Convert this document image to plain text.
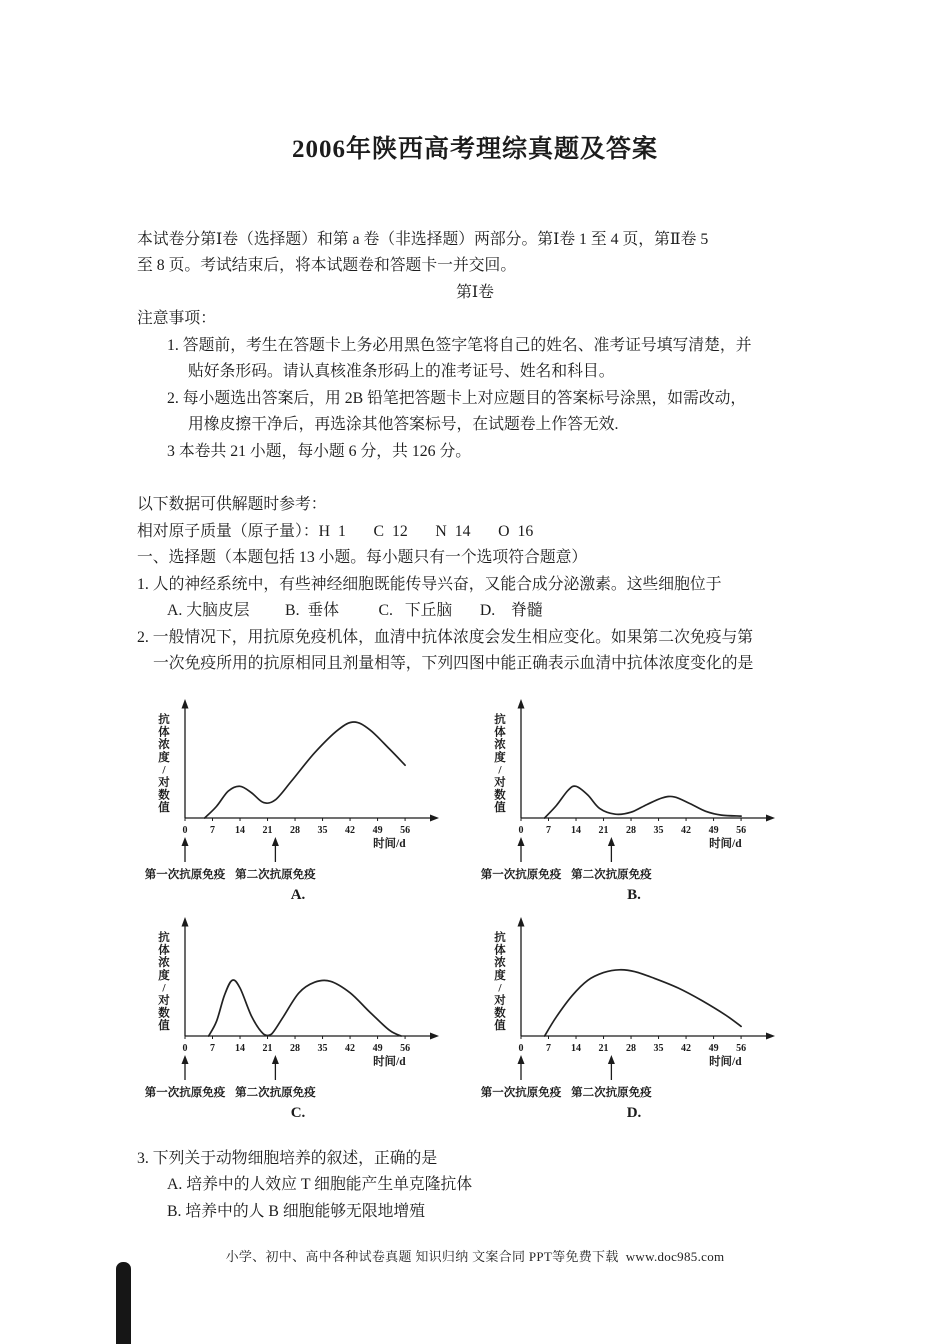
2006年陕西高考理综真题及答案

本试卷分第Ⅰ卷（选择题）和第 a 卷（非选择题）两部分。第Ⅰ卷 1 至 4 页，第Ⅱ卷 5
至 8 页。考试结束后，将本试题卷和答题卡一并交回。

第Ⅰ卷

注意事项：

1. 答题前，考生在答题卡上务必用黑色签字笔将自己的姓名、准考证号填写清楚，并
贴好条形码。请认真核准条形码上的准考证号、姓名和科目。

2. 每小题选出答案后，用 2B 铅笔把答题卡上对应题目的答案标号涂黑，如需改动，
用橡皮擦干净后，再选涂其他答案标号，在试题卷上作答无效.

3 本卷共 21 小题，每小题 6 分，共 126 分。

以下数据可供解题时参考：

相对原子质量（原子量）：H  1       C  12       N  14       O  16

一、选择题（本题包括 13 小题。每小题只有一个选项符合题意）

1. 人的神经系统中，有些神经细胞既能传导兴奋，又能合成分泌激素。这些细胞位于

A. 大脑皮层         B.  垂体          C.   下丘脑       D.    脊髓

2. 一般情况下，用抗原免疫机体，血清中抗体浓度会发生相应变化。如果第二次免疫与第
一次免疫所用的抗原相同且剂量相等，下列四图中能正确表示血清中抗体浓度变化的是

0 7 14 21 28 35 42 49 56
时间/d
抗
体
浓
度
/
对
数
值
第一次抗原免疫 第二次抗原免疫
A.
0 7 14 21 28 35 42 49 56
时间/d
抗
体
浓
度
/
对
数
值
第一次抗原免疫 第二次抗原免疫
B.
0 7 14 21 28 35 42 49 56
时间/d
抗
体
浓
度
/
对
数
值
第一次抗原免疫 第二次抗原免疫
C.
0 7 14 21 28 35 42 49 56
时间/d
抗
体
浓
度
/
对
数
值
第一次抗原免疫 第二次抗原免疫
D.

3. 下列关于动物细胞培养的叙述，正确的是

A. 培养中的人效应 T 细胞能产生单克隆抗体

B. 培养中的人 B 细胞能够无限地增殖

小学、初中、高中各种试卷真题 知识归纳 文案合同 PPT等免费下载  www.doc985.com
